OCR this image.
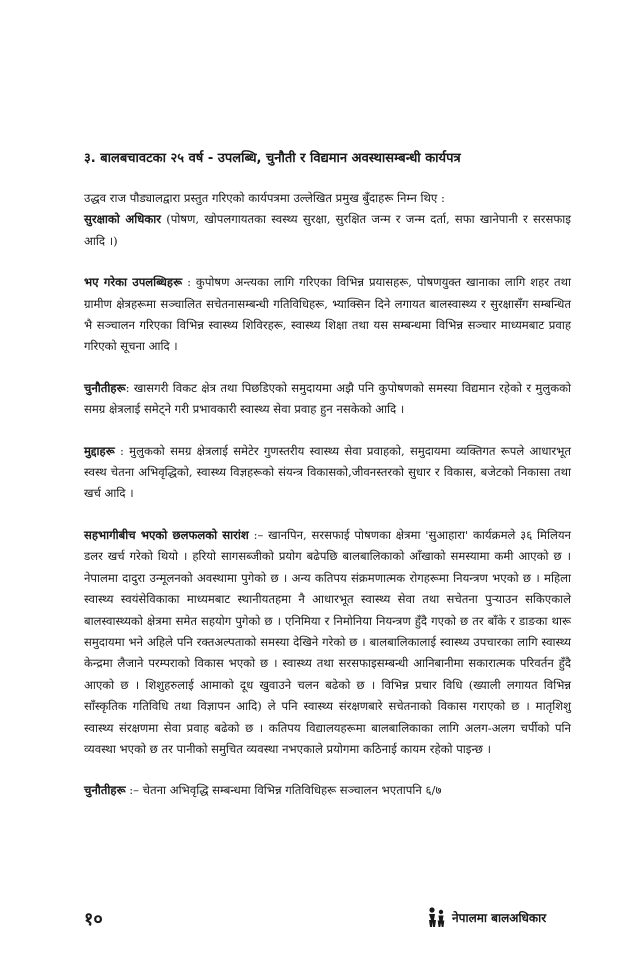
३. बालबचावटका २५ वर्ष - उपलब्धि, चुनौती र विद्यमान अवस्थासम्बन्धी कार्यपत्र

उद्धव राज पौड्यालद्वारा प्रस्तुत गरिएको कार्यपत्रमा उल्लेखित प्रमुख बुँदाहरू निम्न थिए :
सुरक्षाको अधिकार (पोषण, खोपलगायतका स्वस्थ्य सुरक्षा, सुरक्षित जन्म र जन्म दर्ता, सफा खानेपानी र सरसफाइ आदि ।)

भए गरेका उपलब्धिहरू : कुपोषण अन्त्यका लागि गरिएका विभिन्न प्रयासहरू, पोषणयुक्त खानाका लागि शहर तथा ग्रामीण क्षेत्रहरूमा सञ्चालित सचेतनासम्बन्धी गतिविधिहरू, भ्याक्सिन दिने लगायत बालस्वास्थ्य र सुरक्षासँग सम्बन्धित भै सञ्चालन गरिएका विभिन्न स्वास्थ्य शिविरहरू, स्वास्थ्य शिक्षा तथा यस सम्बन्धमा विभिन्न सञ्चार माध्यमबाट प्रवाह गरिएको सूचना आदि ।

चुनौतीहरू: खासगरी विकट क्षेत्र तथा पिछडिएको समुदायमा अझै पनि कुपोषणको समस्या विद्यमान रहेको र मुलुकको समग्र क्षेत्रलाई समेट्ने गरी प्रभावकारी स्वास्थ्य सेवा प्रवाह हुन नसकेको आदि ।

मुद्दाहरू : मुलुकको समग्र क्षेत्रलाई समेटेर गुणस्तरीय स्वास्थ्य सेवा प्रवाहको, समुदायमा व्यक्तिगत रूपले आधारभूत स्वस्थ चेतना अभिवृद्धिको, स्वास्थ्य विज्ञहरूको संयन्त्र विकासको,जीवनस्तरको सुधार र विकास, बजेटको निकासा तथा खर्च आदि ।

सहभागीबीच भएको छलफलको सारांश :– खानपिन, सरसफाई पोषणका क्षेत्रमा 'सुआहारा' कार्यक्रमले ३६ मिलियन डलर खर्च गरेको थियो । हरियो सागसब्जीको प्रयोग बढेपछि बालबालिकाको आँखाको समस्यामा कमी आएको छ । नेपालमा दादुरा उन्मूलनको अवस्थामा पुगेको छ । अन्य कतिपय संक्रमणात्मक रोगहरूमा नियन्त्रण भएको छ । महिला स्वास्थ्य स्वयंसेविकाका माध्यमबाट स्थानीयतहमा नै आधारभूत स्वास्थ्य सेवा तथा सचेतना पुऱ्याउन सकिएकाले बालस्वास्थ्यको क्षेत्रमा समेत सहयोग पुगेको छ । एनिमिया र निमोनिया नियन्त्रण हुँदै गएको छ तर बाँके र डाङका थारू समुदायमा भने अहिले पनि रक्तअल्पताको समस्या देखिने गरेको छ । बालबालिकालाई स्वास्थ्य उपचारका लागि स्वास्थ्य केन्द्रमा लैजाने परम्पराको विकास भएको छ । स्वास्थ्य तथा सरसफाइसम्बन्धी आनिबानीमा सकारात्मक परिवर्तन हुँदै आएको छ । शिशुहरुलाई आमाको दूध खुवाउने चलन बढेको छ । विभिन्न प्रचार विधि (ख्याली लगायत विभिन्न साँस्कृतिक गतिविधि तथा विज्ञापन आदि) ले पनि स्वास्थ्य संरक्षणबारे सचेतनाको विकास गराएको छ । मातृशिशु स्वास्थ्य संरक्षणमा सेवा प्रवाह बढेको छ । कतिपय विद्यालयहरूमा बालबालिकाका लागि अलग-अलग चर्पीको पनि व्यवस्था भएको छ तर पानीको समुचित व्यवस्था नभएकाले प्रयोगमा कठिनाई कायम रहेको पाइन्छ ।

चुनौतीहरू :– चेतना अभिवृद्धि सम्बन्धमा विभिन्न गतिविधिहरू सञ्चालन भएतापनि ६/७

१०	नेपालमा बालअधिकार
